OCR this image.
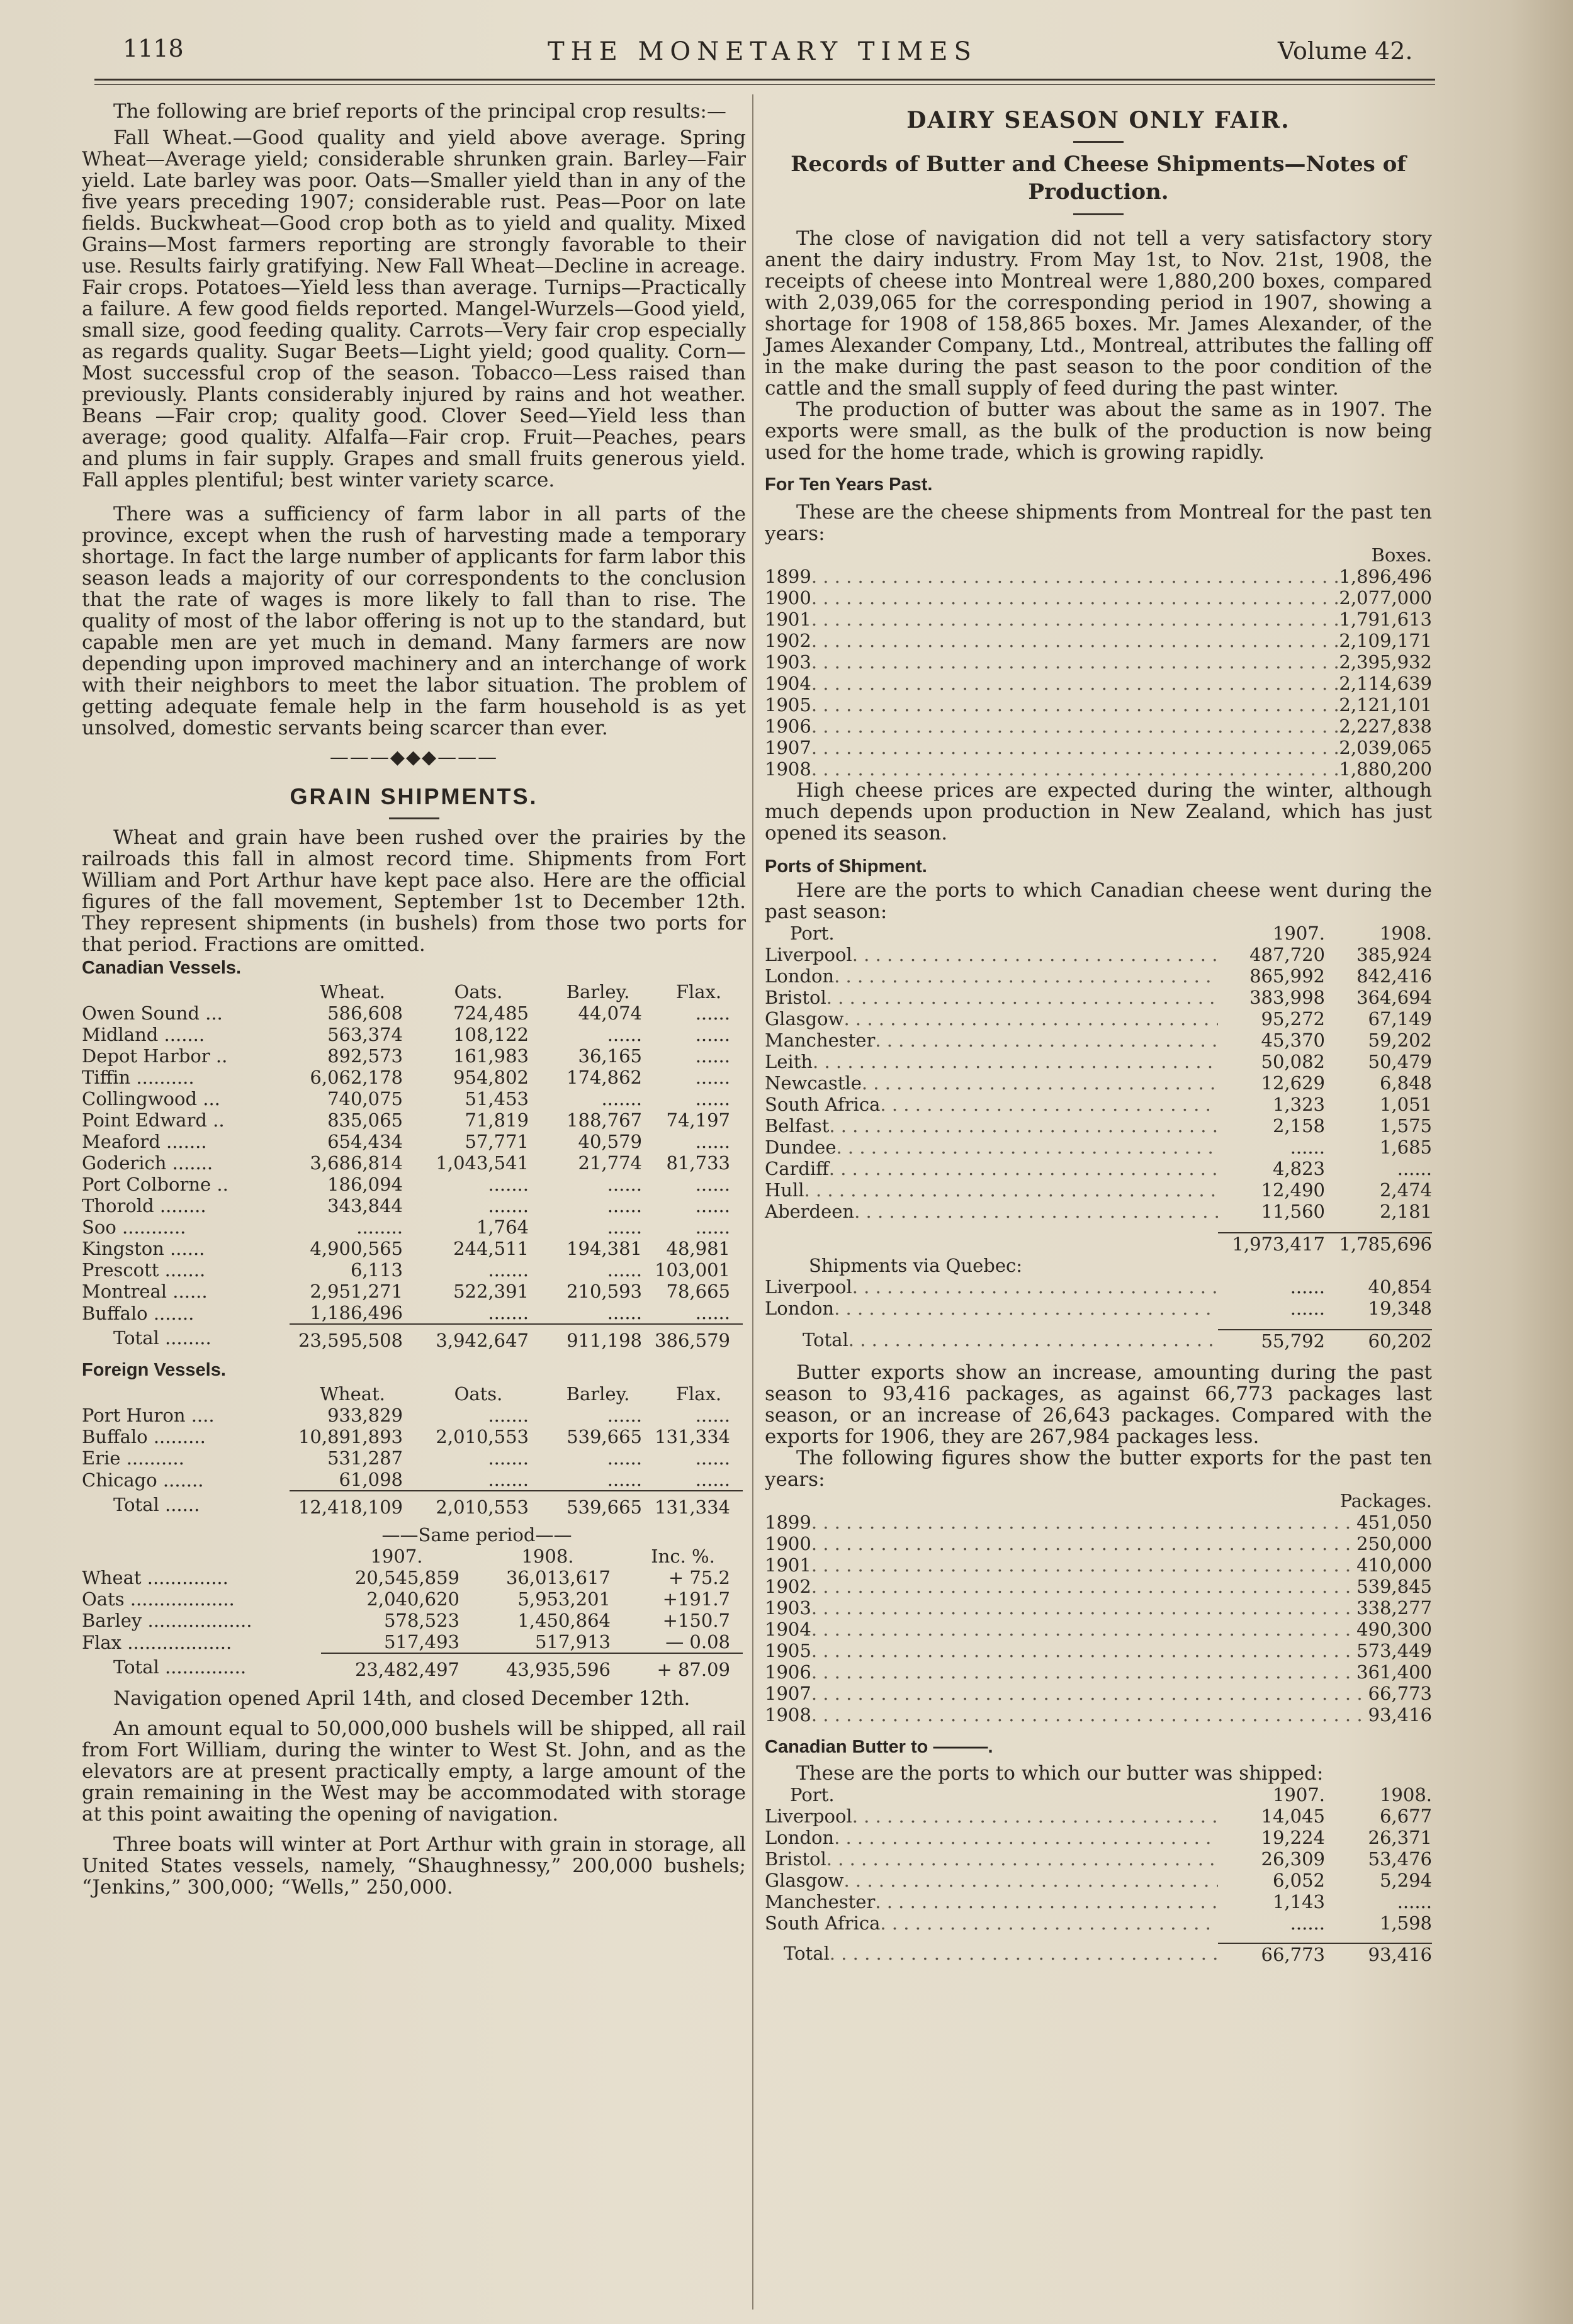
1118	THE MONETARY TIMES	Volume 42.

The following are brief reports of the principal crop results:—

Fall Wheat.—Good quality and yield above average. Spring Wheat—Average yield; considerable shrunken grain. Barley—Fair yield. Late barley was poor. Oats—Smaller yield than in any of the five years preceding 1907; considerable rust. Peas—Poor on late fields. Buckwheat—Good crop both as to yield and quality. Mixed Grains—Most farmers reporting are strongly favorable to their use. Results fairly gratifying. New Fall Wheat—Decline in acreage. Fair crops. Potatoes—Yield less than average. Turnips—Practically a failure. A few good fields reported. Mangel-Wurzels—Good yield, small size, good feeding quality. Carrots—Very fair crop especially as regards quality. Sugar Beets—Light yield; good quality. Corn— Most successful crop of the season. Tobacco—Less raised than previously. Plants considerably injured by rains and hot weather. Beans —Fair crop; quality good. Clover Seed—Yield less than average; good quality. Alfalfa—Fair crop. Fruit—Peaches, pears and plums in fair supply. Grapes and small fruits generous yield. Fall apples plentiful; best winter variety scarce.

There was a sufficiency of farm labor in all parts of the province, except when the rush of harvesting made a temporary shortage. In fact the large number of applicants for farm labor this season leads a majority of our correspondents to the conclusion that the rate of wages is more likely to fall than to rise. The quality of most of the labor offering is not up to the standard, but capable men are yet much in demand. Many farmers are now depending upon improved machinery and an interchange of work with their neighbors to meet the labor situation. The problem of getting adequate female help in the farm household is as yet unsolved, domestic servants being scarcer than ever.

———◆◆◆———
GRAIN SHIPMENTS.

Wheat and grain have been rushed over the prairies by the railroads this fall in almost record time. Shipments from Fort William and Port Arthur have kept pace also. Here are the official figures of the fall movement, September 1st to December 12th. They represent shipments (in bushels) from those two ports for that period. Fractions are omitted.

Canadian Vessels.
	Wheat.	Oats.	Barley.	Flax.
Owen Sound ...	586,608	724,485	44,074	......
Midland .......	563,374	108,122	......	......
Depot Harbor ..	892,573	161,983	36,165	......
Tiffin ..........	6,062,178	954,802	174,862	......
Collingwood ...	740,075	51,453	.......	......
Point Edward ..	835,065	71,819	188,767	74,197
Meaford .......	654,434	57,771	40,579	......
Goderich .......	3,686,814	1,043,541	21,774	81,733
Port Colborne ..	186,094	.......	......	......
Thorold ........	343,844	.......	......	......
Soo ...........	........	1,764	......	......
Kingston ......	4,900,565	244,511	194,381	48,981
Prescott .......	6,113	.......	......	103,001
Montreal ......	2,951,271	522,391	210,593	78,665
Buffalo .......	1,186,496	.......	......	......
Total ........	23,595,508	3,942,647	911,198	386,579
Foreign Vessels.
	Wheat.	Oats.	Barley.	Flax.
Port Huron ....	933,829	.......	......	......
Buffalo .........	10,891,893	2,010,553	539,665	131,334
Erie ..........	531,287	.......	......	......
Chicago .......	61,098	.......	......	......
Total ......	12,418,109	2,010,553	539,665	131,334
——Same period——
	1907.	1908.	Inc. %.
Wheat ..............	20,545,859	36,013,617	+ 75.2
Oats ..................	2,040,620	5,953,201	+191.7
Barley ..................	578,523	1,450,864	+150.7
Flax ..................	517,493	517,913	— 0.08
Total ..............	23,482,497	43,935,596	+ 87.09

Navigation opened April 14th, and closed December 12th.

An amount equal to 50,000,000 bushels will be shipped, all rail from Fort William, during the winter to West St. John, and as the elevators are at present practically empty, a large amount of the grain remaining in the West may be accommodated with storage at this point awaiting the opening of navigation.

Three boats will winter at Port Arthur with grain in storage, all United States vessels, namely, “Shaughnessy,” 200,000 bushels; “Jenkins,” 300,000; “Wells,” 250,000.

DAIRY SEASON ONLY FAIR.
Records of Butter and Cheese Shipments—Notes of Production.

The close of navigation did not tell a very satisfactory story anent the dairy industry. From May 1st, to Nov. 21st, 1908, the receipts of cheese into Montreal were 1,880,200 boxes, compared with 2,039,065 for the corresponding period in 1907, showing a shortage for 1908 of 158,865 boxes. Mr. James Alexander, of the James Alexander Company, Ltd., Montreal, attributes the falling off in the make during the past season to the poor condition of the cattle and the small supply of feed during the past winter.

The production of butter was about the same as in 1907. The exports were small, as the bulk of the production is now being used for the home trade, which is growing rapidly.

For Ten Years Past.

These are the cheese shipments from Montreal for the past ten years:

Boxes.
1899 . . .	1,896,496
1900 . . .	2,077,000
1901 . . .	1,791,613
1902 . . .	2,109,171
1903 . . .	2,395,932
1904 . . .	2,114,639
1905 . . .	2,121,101
1906 . . .	2,227,838
1907 . . .	2,039,065
1908 . . .	1,880,200

High cheese prices are expected during the winter, although much depends upon production in New Zealand, which has just opened its season.

Ports of Shipment.

Here are the ports to which Canadian cheese went during the past season:

Port.	1907.	1908.
Liverpool . . .	487,720	385,924
London . . .	865,992	842,416
Bristol . . .	383,998	364,694
Glasgow . . .	95,272	67,149
Manchester . . .	45,370	59,202
Leith . . .	50,082	50,479
Newcastle . . .	12,629	6,848
South Africa . . .	1,323	1,051
Belfast . . .	2,158	1,575
Dundee . . .	......	1,685
Cardiff . . .	4,823	......
Hull . . .	12,490	2,474
Aberdeen . . .	11,560	2,181
1,973,417 1,785,696
Shipments via Quebec:
Liverpool . . .	......	40,854
London . . .	......	19,348
Total . . .	55,792	60,202

Butter exports show an increase, amounting during the past season to 93,416 packages, as against 66,773 packages last season, or an increase of 26,643 packages. Compared with the exports for 1906, they are 267,984 packages less.

The following figures show the butter exports for the past ten years:

Packages.
1899 . . .	451,050
1900 . . .	250,000
1901 . . .	410,000
1902 . . .	539,845
1903 . . .	338,277
1904 . . .	490,300
1905 . . .	573,449
1906 . . .	361,400
1907 . . .	66,773
1908 . . .	93,416
Canadian Butter to ———.

These are the ports to which our butter was shipped:

Port.	1907.	1908.
Liverpool . . .	14,045	6,677
London . . .	19,224	26,371
Bristol . . .	26,309	53,476
Glasgow . . .	6,052	5,294
Manchester . . .	1,143	......
South Africa . . .	......	1,598
Total . . .	66,773	93,416
